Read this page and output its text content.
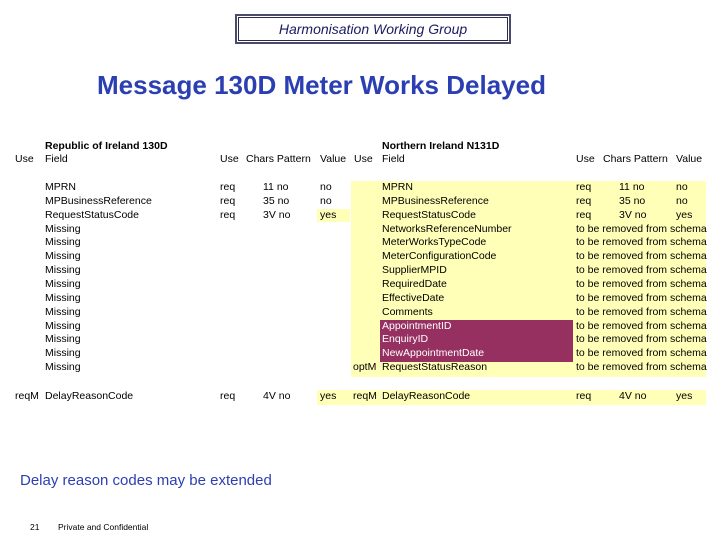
Harmonisation Working Group
Message 130D Meter Works Delayed
Republic of Ireland 130D	Northern Ireland N131D
Use Field	Use Chars Pattern Value Use Field	Use Chars Pattern Value
MPRN	req	11 no	no	MPRN	req	11 no	no
MPBusinessReference	req	35 no	no	MPBusinessReference	req	35 no	no
RequestStatusCode	req	3V no	yes	RequestStatusCode	req	3V no	yes
Missing	NetworksReferenceNumber	to be removed from schema
Missing	MeterWorksTypeCode	to be removed from schema
Missing	MeterConfigurationCode	to be removed from schema
Missing	SupplierMPID	to be removed from schema
Missing	RequiredDate	to be removed from schema
Missing	EffectiveDate	to be removed from schema
Missing	Comments	to be removed from schema
Missing	AppointmentID	to be removed from schema
Missing	EnquiryID	to be removed from schema
Missing	NewAppointmentDate	to be removed from schema
Missing	optM RequestStatusReason	to be removed from schema
reqM DelayReasonCode	req	4V no	yes reqM DelayReasonCode	req	4V no	yes
Delay reason codes may be extended
21 Private and Confidential
